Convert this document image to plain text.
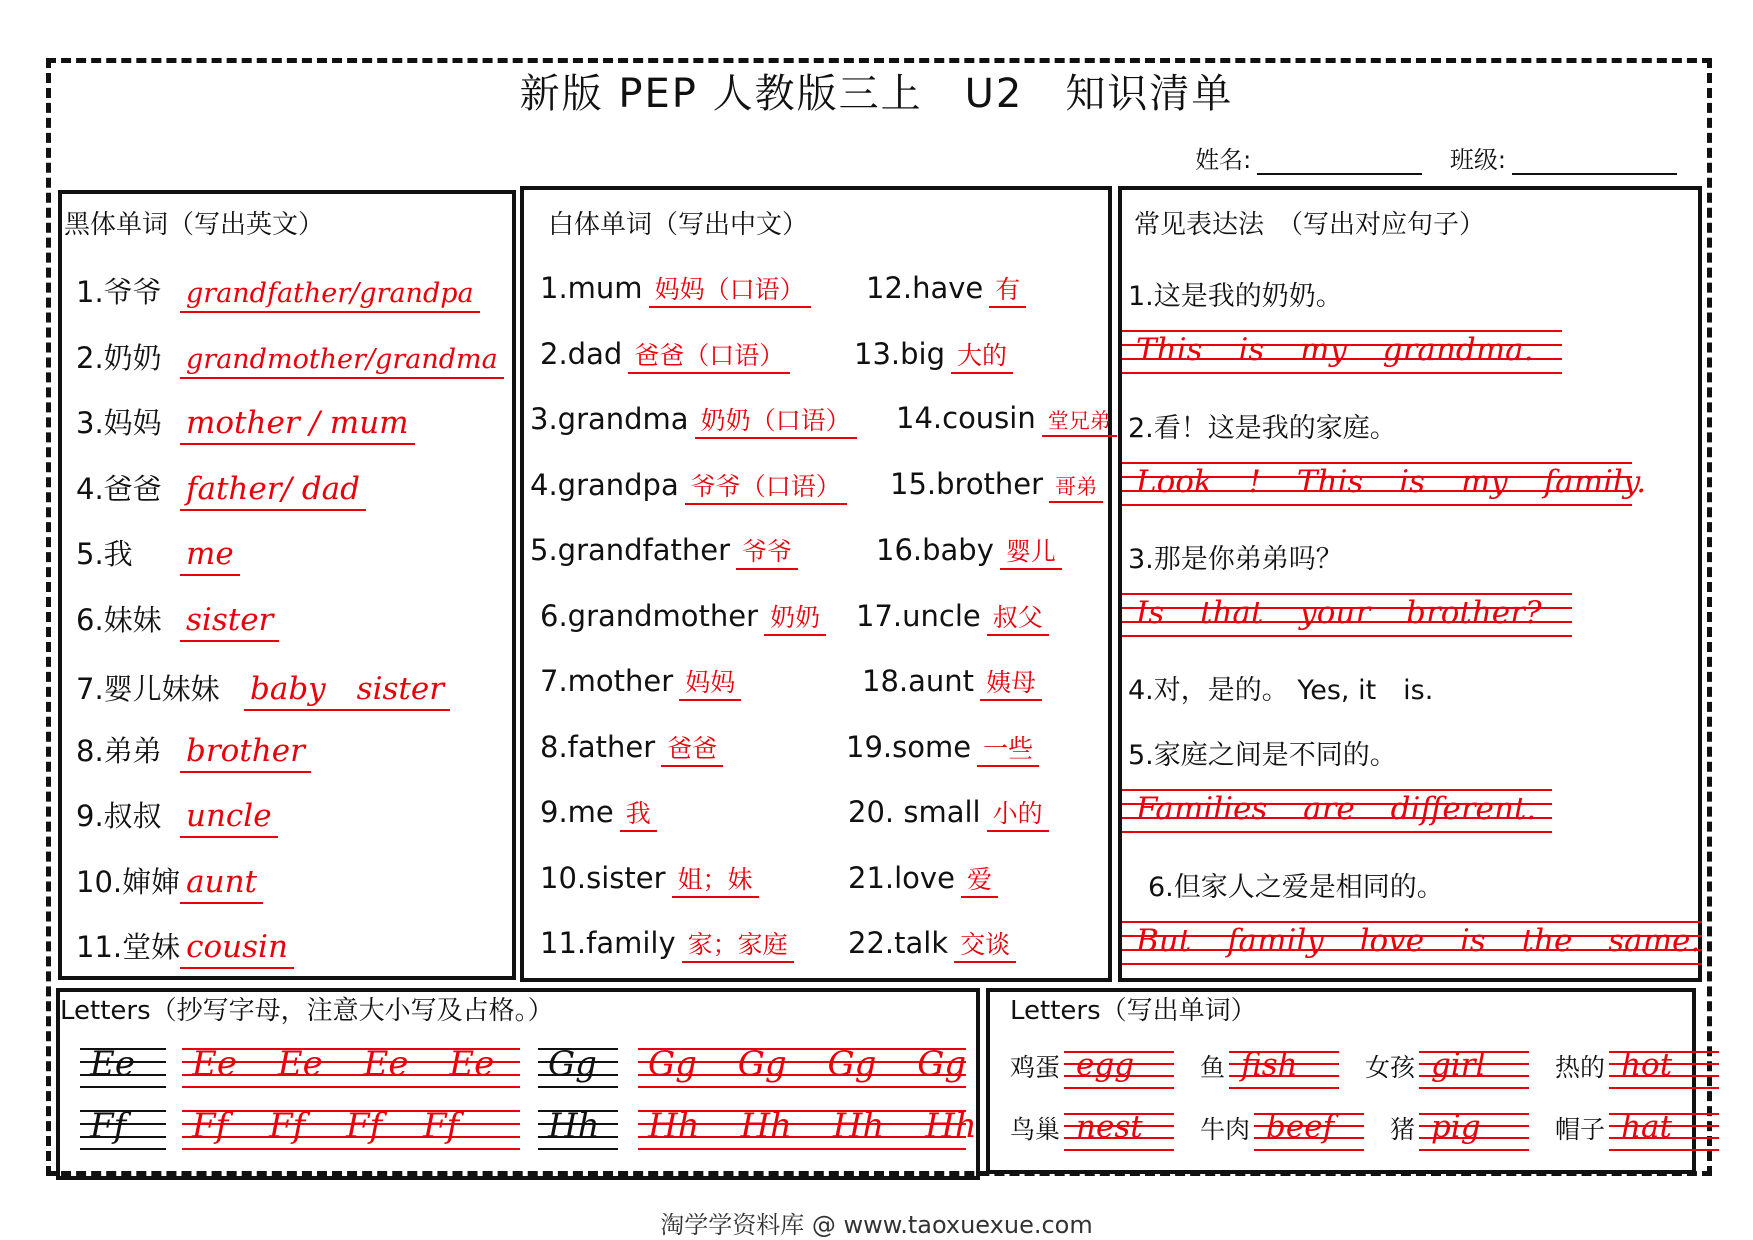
新版 PEP 人教版三上　U2　知识清单
姓名:	班级:
黑体单词（写出英文）
1.爷爷 grandfather/grandpa
2.奶奶 grandmother/grandma
3.妈妈 mother / mum
4.爸爸 father/ dad
5.我 me
6.妹妹 sister
7.婴儿妹妹 baby　sister
8.弟弟 brother
9.叔叔 uncle
10.婶婶 aunt
11.堂妹 cousin
白体单词（写出中文）
1.mum 妈妈（口语）
2.dad 爸爸（口语）
3.grandma 奶奶（口语）
4.grandpa 爷爷（口语）
5.grandfather 爷爷
6.grandmother 奶奶
7.mother 妈妈
8.father 爸爸
9.me 我
10.sister 姐；妹
11.family 家；家庭
12.have 有
13.big 大的
14.cousin 堂兄弟
15.brother 哥弟
16.baby 婴儿
17.uncle 叔父
18.aunt 姨母
19.some 一些
20. small 小的
21.love 爱
22.talk 交谈
常见表达法　（写出对应句子）
1.这是我的奶奶。
This is my grandma.
2.看！这是我的家庭。
Look ! This is my family.
3.那是你弟弟吗？
Is that your brother?
4.对，是的。 Yes, it　is.
5.家庭之间是不同的。
Families are different.
6.但家人之爱是相同的。
But family love is the same.
Letters（抄写字母，注意大小写及占格。）
Ee Ee Ee Ee Ee Gg Gg Gg Gg Gg
Ff Ff Ff Ff Ff	Hh Hh Hh Hh Hh
Letters（写出单词）
鸡蛋 egg	鱼 fish	女孩 girl	热的 hot
鸟巢 nest 牛肉 beef 猪 pig	帽子 hat
淘学学资料库 @ www.taoxuexue.com
